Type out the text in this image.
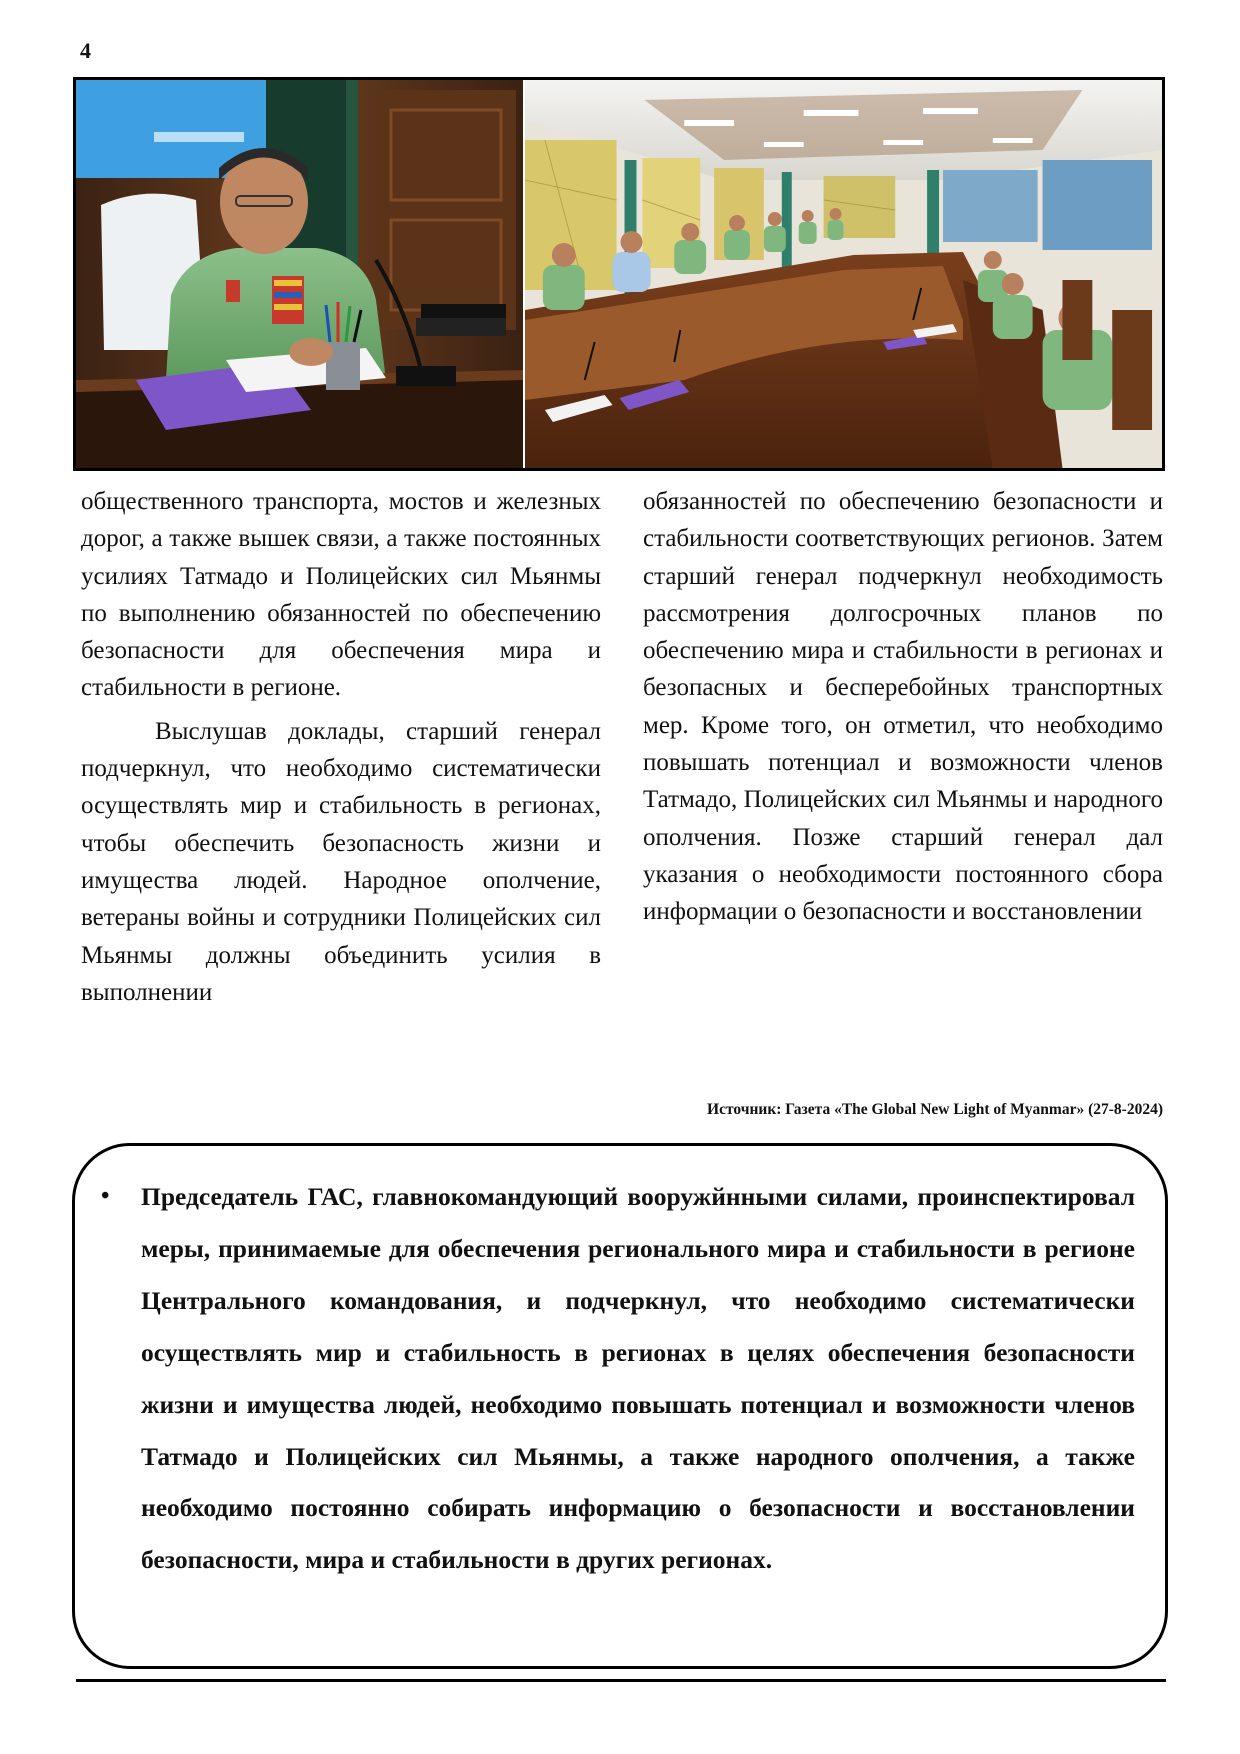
4

общественного транспорта, мостов и железных дорог, а также вышек связи, а также постоянных усилиях Татмадо и Полицейских сил Мьянмы по выполнению обязанностей по обеспечению безопасности для обеспечения мира и стабильности в регионе.

Выслушав доклады, старший генерал подчеркнул, что необходимо систематически осуществлять мир и стабильность в регионах, чтобы обеспечить безопасность жизни и имущества людей. Народное ополчение, ветераны войны и сотрудники Полицейских сил Мьянмы должны объединить усилия в выполнении

обязанностей по обеспечению безопасности и стабильности соответствующих регионов. Затем старший генерал подчеркнул необходимость рассмотрения долгосрочных планов по обеспечению мира и стабильности в регионах и безопасных и бесперебойных транспортных мер. Кроме того, он отметил, что необходимо повышать потенциал и возможности членов Татмадо, Полицейских сил Мьянмы и народного ополчения. Позже старший генерал дал указания о необходимости постоянного сбора информации о безопасности и восстановлении

Источник: Газета «The Global New Light of Myanmar» (27-8-2024)
• Председатель ГАС, главнокомандующий вооружйнными силами, проинспектировал меры, принимаемые для обеспечения регионального мира и стабильности в регионе Центрального командования, и подчеркнул, что необходимо систематически осуществлять мир и стабильность в регионах в целях обеспечения безопасности жизни и имущества людей, необходимо повышать потенциал и возможности членов Татмадо и Полицейских сил Мьянмы, а также народного ополчения, а также необходимо постоянно собирать информацию о безопасности и восстановлении безопасности, мира и стабильности в других регионах.
